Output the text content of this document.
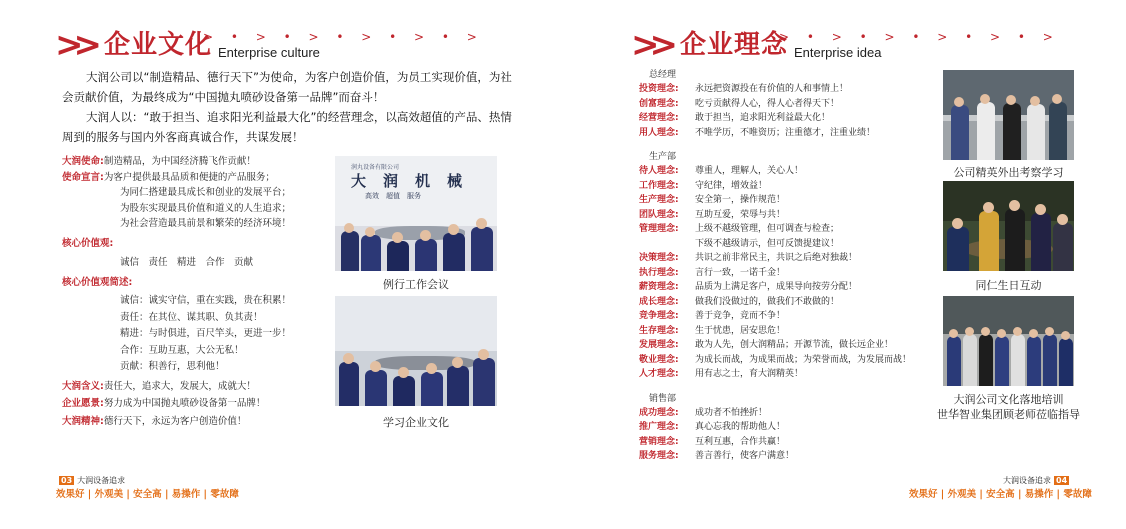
>> 企业文化 Enterprise culture
> • > • > • > • > • >

大润公司以“制造精品、德行天下”为使命，为客户创造价值，为员工实现价值，为社会贡献价值，为最终成为“中国抛丸喷砂设备第一品牌”而奋斗！

大润人以：“敢于担当、追求阳光利益最大化”的经营理念，以高效超值的产品、热情周到的服务与国内外客商真诚合作，共谋发展！

大润使命: 制造精品，为中国经济腾飞作贡献！
使命宣言: 为客户提供最具品质和便捷的产品服务；
为同仁搭建最具成长和创业的发展平台；
为股东实现最具价值和道义的人生追求；
为社会营造最具前景和繁荣的经济环境！
核心价值观:
诚信　责任　精进　合作　贡献
核心价值观简述:
诚信：诚实守信，重在实践，贵在积累！
责任：在其位、谋其职、负其责！
精进：与时俱进，百尺竿头，更进一步！
合作：互助互惠，大公无私！
贡献：积善行，思利他！
大润含义: 责任大，追求大，发展大，成就大！
企业愿景: 努力成为中国抛丸喷砂设备第一品牌！
大润精神: 德行天下，永远为客户创造价值！
润丸设备有限公司
大　润　机　械
高效　超值　服务
例行工作会议
学习企业文化
03 大润设备追求
效果好 | 外观美 | 安全高 | 易操作 | 零故障
>> 企业理念 Enterprise idea
> • > • > • > • > • >
总经理
投资理念:	永远把资源投在有价值的人和事情上！
创富理念:	吃亏贡献得人心，得人心者得天下！
经营理念:	敢于担当，追求阳光利益最大化！
用人理念:	不唯学历，不唯资历；注重德才，注重业绩！
生产部
待人理念:	尊重人，理解人，关心人！
工作理念:	守纪律，增效益！
生产理念:	安全第一，操作规范！
团队理念:	互助互爱，荣辱与共！
管理理念:	上级不越级管理，但可调查与检查；
下级不越级请示，但可反馈提建议！
决策理念:	共识之前非常民主，共识之后绝对独裁！
执行理念:	言行一致，一诺千金！
薪资理念:	品质为上满足客户，成果导向按劳分配！
成长理念:	做我们没做过的，做我们不敢做的！
竞争理念:	善于竞争，竞而不争！
生存理念:	生于忧患，居安思危！
发展理念:	敢为人先，创大润精品；开源节流，做长远企业！
敬业理念:	为成长而战，为成果而战；为荣誉而战，为发展而战！
人才理念:	用有志之士，育大润精英！
销售部
成功理念:	成功者不怕挫折！
推广理念:	真心忘我的帮助他人！
营销理念:	互利互惠，合作共赢！
服务理念:	善言善行，使客户满意！
公司精英外出考察学习
同仁生日互动
大润公司文化落地培训
世华智业集团顾老师莅临指导
大润设备追求 04
效果好 | 外观美 | 安全高 | 易操作 | 零故障
